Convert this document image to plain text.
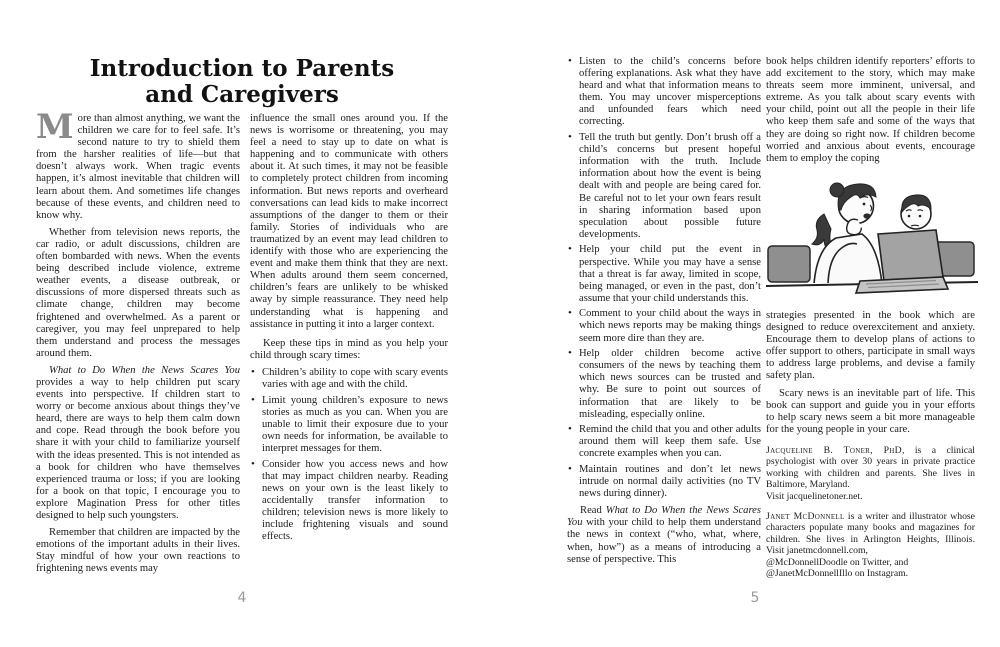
Introduction to Parents
and Caregivers
More than almost anything, we want the children we care for to feel safe. It’s second nature to try to shield them from the harsher realities of life—but that doesn’t always work. When tragic events happen, it’s almost inevitable that children will learn about them. And sometimes life changes because of these events, and children need to know why.
Whether from television news reports, the car radio, or adult discussions, children are often bombarded with news. When the events being described include violence, extreme weather events, a disease outbreak, or discussions of more dispersed threats such as climate change, children may become frightened and overwhelmed. As a parent or caregiver, you may feel unprepared to help them understand and process the messages around them.
What to Do When the News Scares You provides a way to help children put scary events into perspective. If children start to worry or become anxious about things they’ve heard, there are ways to help them calm down and cope. Read through the book before you share it with your child to familiarize yourself with the ideas presented. This is not intended as a book for children who have themselves experienced trauma or loss; if you are looking for a book on that topic, I encourage you to explore Magination Press for other titles designed to help such youngsters.
Remember that children are impacted by the emotions of the important adults in their lives. Stay mindful of how your own reactions to frightening news events may
influence the small ones around you. If the news is worrisome or threatening, you may feel a need to stay up to date on what is happening and to communicate with others about it. At such times, it may not be feasible to completely protect children from incoming information. But news reports and overheard conversations can lead kids to make incorrect assumptions of the danger to them or their family. Stories of individuals who are traumatized by an event may lead children to identify with those who are experiencing the event and make them think that they are next. When adults around them seem concerned, children’s fears are unlikely to be whisked away by simple reassurance. They need help understanding what is happening and assistance in putting it into a larger context.
Keep these tips in mind as you help your child through scary times:
• Children’s ability to cope with scary events varies with age and with the child.
• Limit young children’s exposure to news stories as much as you can. When you are unable to limit their exposure due to your own needs for information, be available to interpret messages for them.
• Consider how you access news and how that may impact children nearby. Reading news on your own is the least likely to accidentally transfer information to children; television news is more likely to include frightening visuals and sound effects.
4
• Listen to the child’s concerns before offering explanations. Ask what they have heard and what that information means to them. You may uncover misperceptions and unfounded fears which need correcting.
• Tell the truth but gently. Don’t brush off a child’s concerns but present hopeful information with the truth. Include information about how the event is being dealt with and people are being cared for. Be careful not to let your own fears result in sharing information based upon speculation about possible future developments.
• Help your child put the event in perspective. While you may have a sense that a threat is far away, limited in scope, being managed, or even in the past, don’t assume that your child understands this.
• Comment to your child about the ways in which news reports may be making things seem more dire than they are.
• Help older children become active consumers of the news by teaching them which news sources can be trusted and why. Be sure to point out sources of information that are likely to be misleading, especially online.
• Remind the child that you and other adults around them will keep them safe. Use concrete examples when you can.
• Maintain routines and don’t let news intrude on normal daily activities (no TV news during dinner).
Read What to Do When the News Scares You with your child to help them understand the news in context (“who, what, where, when, how”) as a means of introducing a sense of perspective. This
book helps children identify reporters’ efforts to add excitement to the story, which may make threats seem more imminent, universal, and extreme. As you talk about scary events with your child, point out all the people in their life who keep them safe and some of the ways that they are doing so right now. If children become worried and anxious about events, encourage them to employ the coping
strategies presented in the book which are designed to reduce overexcitement and anxiety. Encourage them to develop plans of actions to offer support to others, participate in small ways to address large problems, and devise a family safety plan.
Scary news is an inevitable part of life. This book can support and guide you in your efforts to help scary news seem a bit more manageable for the young people in your care.
Jacqueline B. Toner, PhD, is a clinical psychologist with over 30 years in private practice working with children and parents. She lives in Baltimore, Maryland.
Visit jacquelinetoner.net.
Janet McDonnell is a writer and illustrator whose characters populate many books and magazines for children. She lives in Arlington Heights, Illinois. Visit janetmcdonnell.com,
@McDonnellDoodle on Twitter, and
@JanetMcDonnellIllo on Instagram.
5
